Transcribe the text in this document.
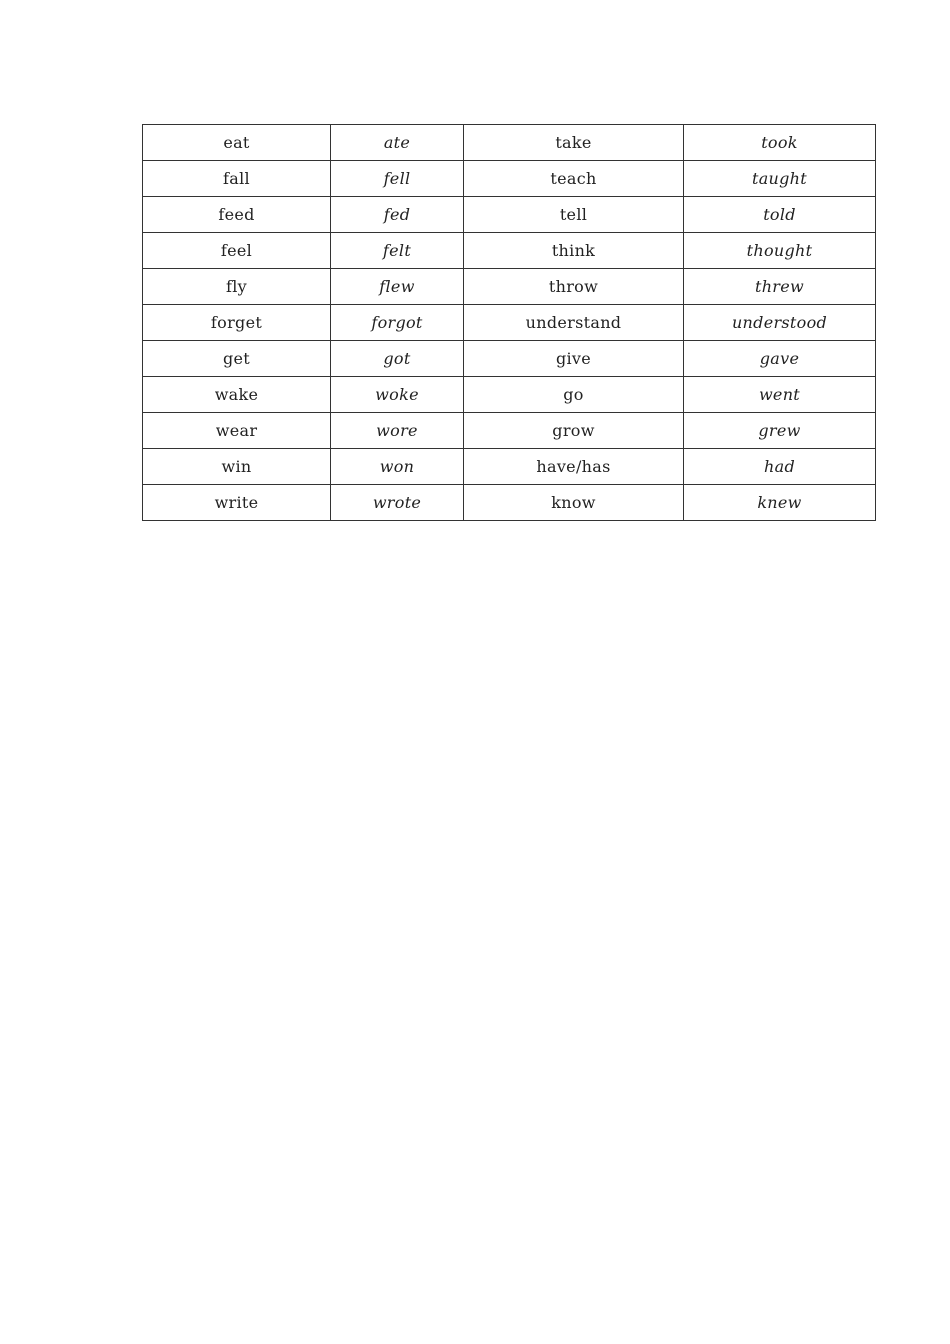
eat	ate	take	took
fall	fell	teach	taught
feed	fed	tell	told
feel	felt	think	thought
fly	flew	throw	threw
forget	forgot	understand	understood
get	got	give	gave
wake	woke	go	went
wear	wore	grow	grew
win	won	have/has	had
write	wrote	know	knew
